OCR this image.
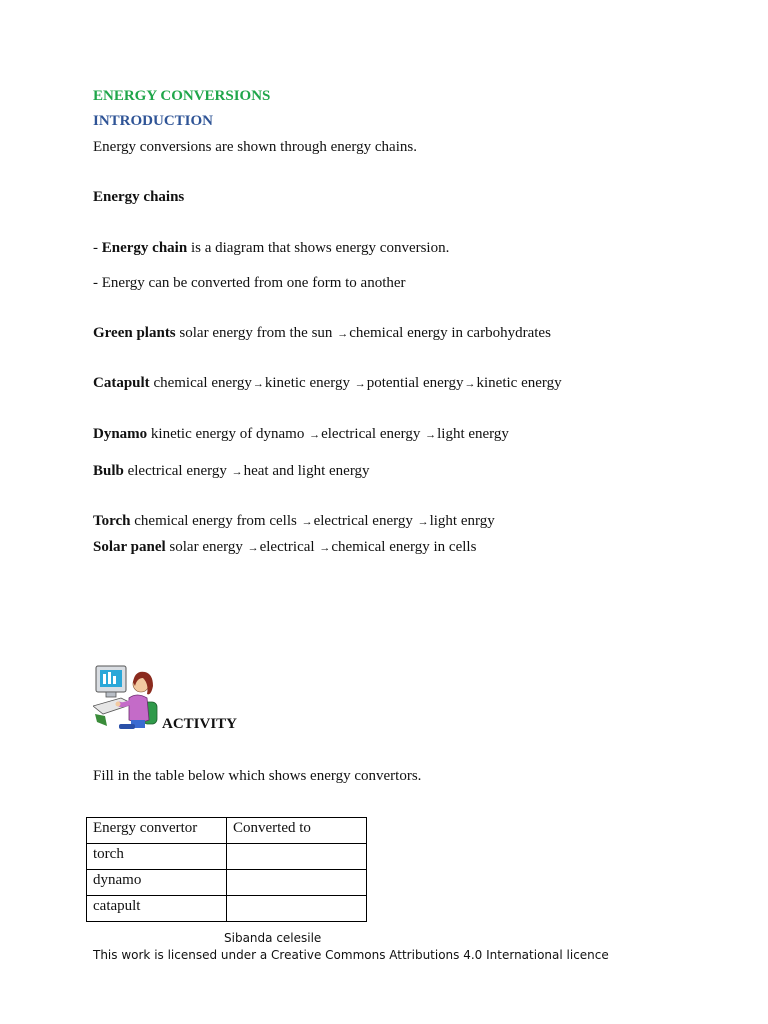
ENERGY CONVERSIONS
INTRODUCTION
Energy conversions are shown through energy chains.
Energy chains
- Energy chain is a diagram that shows energy conversion.
- Energy can be converted from one form to another
Green plants solar energy from the sun →chemical energy in carbohydrates
Catapult chemical energy→kinetic energy →potential energy→kinetic energy
Dynamo kinetic energy of dynamo →electrical energy →light energy
Bulb electrical energy →heat and light energy
Torch chemical energy from cells →electrical energy →light enrgy
Solar panel solar energy →electrical →chemical energy in cells
ACTIVITY
Fill in the table below which shows energy convertors.
Energy convertor	Converted to
torch	
dynamo	
catapult	
Sibanda celesile
This work is licensed under a Creative Commons Attributions 4.0 International licence
